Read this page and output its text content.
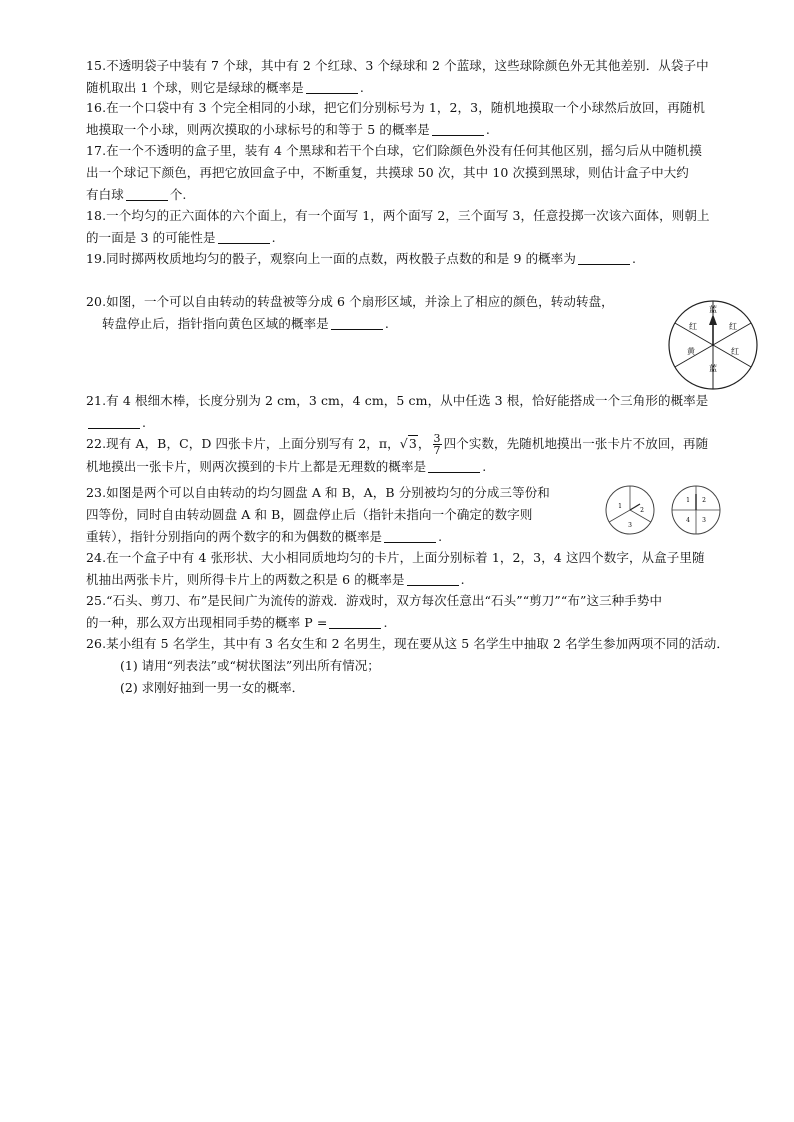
15.不透明袋子中装有 7 个球，其中有 2 个红球、3 个绿球和 2 个蓝球，这些球除颜色外无其他差别．从袋子中
随机取出 1 个球，则它是绿球的概率是	.
16.在一个口袋中有 3 个完全相同的小球，把它们分别标号为 1，2，3，随机地摸取一个小球然后放回，再随机
地摸取一个小球，则两次摸取的小球标号的和等于 5 的概率是	.
17.在一个不透明的盒子里，装有 4 个黑球和若干个白球，它们除颜色外没有任何其他区别，摇匀后从中随机摸
出一个球记下颜色，再把它放回盒子中，不断重复，共摸球 50 次，其中 10 次摸到黑球，则估计盒子中大约
有白球	个.
18.一个均匀的正六面体的六个面上，有一个面写 1，两个面写 2，三个面写 3，任意投掷一次该六面体，则朝上
的一面是 3 的可能性是	.
19.同时掷两枚质地均匀的骰子，观察向上一面的点数，两枚骰子点数的和是 9 的概率为	.
20.如图，一个可以自由转动的转盘被等分成 6 个扇形区域，并涂上了相应的颜色，转动转盘，
转盘停止后，指针指向黄色区域的概率是	.
蓝
红
红
蓝
黄
红
21.有 4 根细木棒，长度分别为 2 cm，3 cm，4 cm，5 cm，从中任选 3 根，恰好能搭成一个三角形的概率是
.
22.现有 A，B，C，D 四张卡片，上面分别写有 2，π，√3， $\frac{3}{7}$ 四个实数，先随机地摸出一张卡片不放回，再随
机地摸出一张卡片，则两次摸到的卡片上都是无理数的概率是	.
23.如图是两个可以自由转动的均匀圆盘 A 和 B，A，B 分别被均匀的分成三等份和
四等份，同时自由转动圆盘 A 和 B，圆盘停止后（指针未指向一个确定的数字则
重转），指针分别指向的两个数字的和为偶数的概率是	.
1
2
3
1 2
3
4
24.在一个盒子中有 4 张形状、大小相同质地均匀的卡片，上面分别标着 1，2，3，4 这四个数字，从盒子里随
机抽出两张卡片，则所得卡片上的两数之积是 6 的概率是	.
25.“石头、剪刀、布”是民间广为流传的游戏．游戏时，双方每次任意出“石头”“剪刀”“布”这三种手势中
的一种，那么双方出现相同手势的概率 P =	.
26.某小组有 5 名学生，其中有 3 名女生和 2 名男生，现在要从这 5 名学生中抽取 2 名学生参加两项不同的活动．
(1) 请用“列表法”或“树状图法”列出所有情况；
(2) 求刚好抽到一男一女的概率．
